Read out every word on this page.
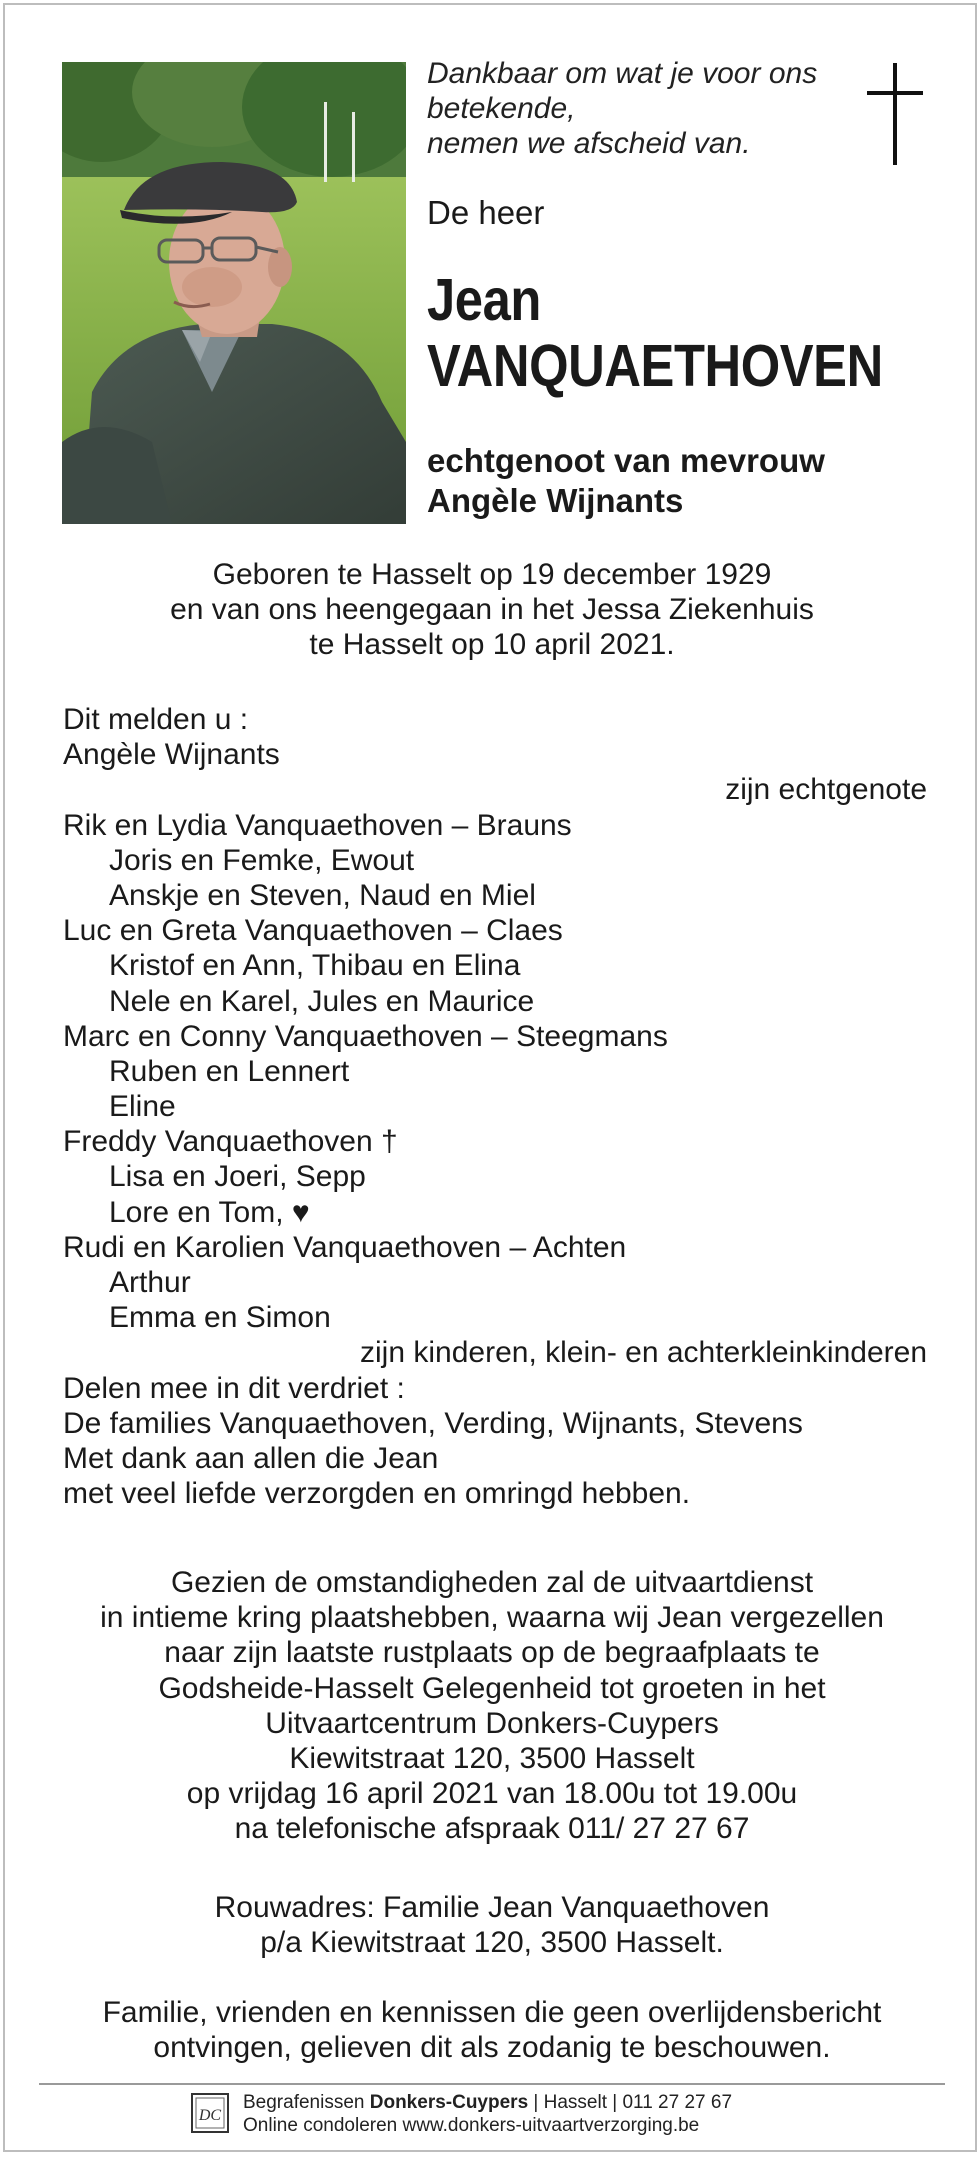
Dankbaar om wat je voor ons
betekende,
nemen we afscheid van.
De heer
Jean
VANQUAETHOVEN
echtgenoot van mevrouw
Angèle Wijnants
Geboren te Hasselt op 19 december 1929
en van ons heengegaan in het Jessa Ziekenhuis
te Hasselt op 10 april 2021.
Dit melden u :
Angèle Wijnants
zijn echtgenote
Rik en Lydia Vanquaethoven – Brauns
Joris en Femke, Ewout
Anskje en Steven, Naud en Miel
Luc en Greta Vanquaethoven – Claes
Kristof en Ann, Thibau en Elina
Nele en Karel, Jules en Maurice
Marc en Conny Vanquaethoven – Steegmans
Ruben en Lennert
Eline
Freddy Vanquaethoven †
Lisa en Joeri, Sepp
Lore en Tom, ♥
Rudi en Karolien Vanquaethoven – Achten
Arthur
Emma en Simon
zijn kinderen, klein- en achterkleinkinderen
Delen mee in dit verdriet :
De families Vanquaethoven, Verding, Wijnants, Stevens
Met dank aan allen die Jean
met veel liefde verzorgden en omringd hebben.
Gezien de omstandigheden zal de uitvaartdienst
in intieme kring plaatshebben, waarna wij Jean vergezellen
naar zijn laatste rustplaats op de begraafplaats te
Godsheide-Hasselt Gelegenheid tot groeten in het
Uitvaartcentrum Donkers-Cuypers
Kiewitstraat 120, 3500 Hasselt
op vrijdag 16 april 2021 van 18.00u tot 19.00u
na telefonische afspraak 011/ 27 27 67
Rouwadres: Familie Jean Vanquaethoven
p/a Kiewitstraat 120, 3500 Hasselt.
Familie, vrienden en kennissen die geen overlijdensbericht
ontvingen, gelieven dit als zodanig te beschouwen.
DC
Begrafenissen Donkers-Cuypers | Hasselt | 011 27 27 67
Online condoleren www.donkers-uitvaartverzorging.be
